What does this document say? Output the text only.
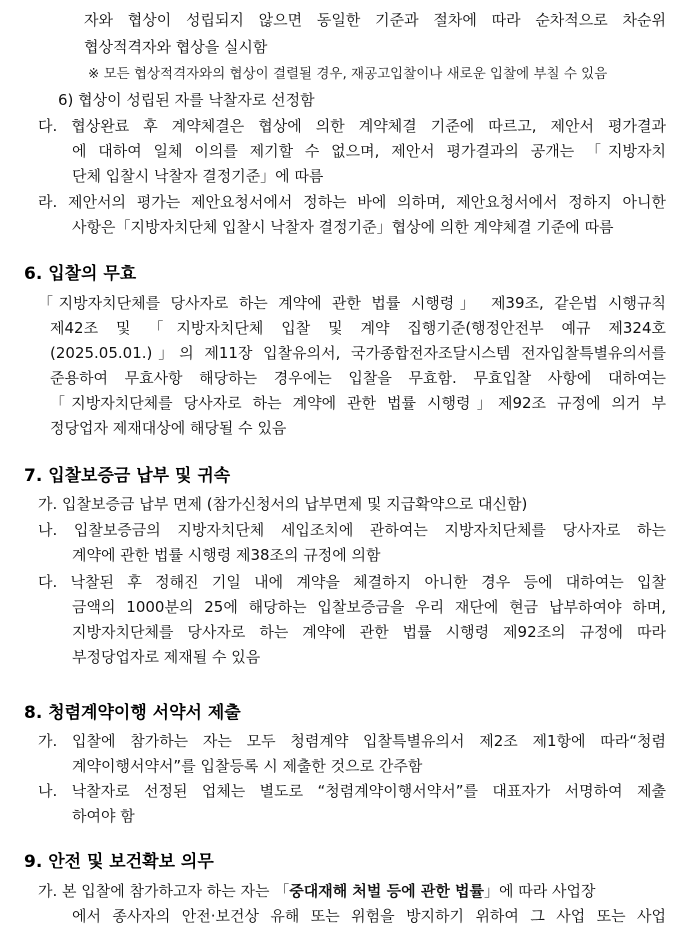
자와 협상이 성립되지 않으면 동일한 기준과 절차에 따라 순차적으로 차순위
협상적격자와 협상을 실시함
※ 모든 협상적격자와의 협상이 결렬될 경우, 재공고입찰이나 새로운 입찰에 부칠 수 있음
6) 협상이 성립된 자를 낙찰자로 선정함
다. 협상완료 후 계약체결은 협상에 의한 계약체결 기준에 따르고, 제안서 평가결과
에 대하여 일체 이의를 제기할 수 없으며, 제안서 평가결과의 공개는 「지방자치
단체 입찰시 낙찰자 결정기준」에 따름
라. 제안서의 평가는 제안요청서에서 정하는 바에 의하며, 제안요청서에서 정하지 아니한
사항은「지방자치단체 입찰시 낙찰자 결정기준」협상에 의한 계약체결 기준에 따름
6. 입찰의 무효
「지방자치단체를 당사자로 하는 계약에 관한 법률 시행령」 제39조, 같은법 시행규칙
제42조 및 「지방자치단체 입찰 및 계약 집행기준(행정안전부 예규 제324호
(2025.05.01.)」의 제11장 입찰유의서, 국가종합전자조달시스템 전자입찰특별유의서를
준용하여 무효사항 해당하는 경우에는 입찰을 무효함. 무효입찰 사항에 대하여는
「지방자치단체를 당사자로 하는 계약에 관한 법률 시행령」제92조 규정에 의거 부
정당업자 제재대상에 해당될 수 있음
7. 입찰보증금 납부 및 귀속
가. 입찰보증금 납부 면제 (참가신청서의 납부면제 및 지급확약으로 대신함)
나. 입찰보증금의 지방자치단체 세입조치에 관하여는 지방자치단체를 당사자로 하는
계약에 관한 법률 시행령 제38조의 규정에 의함
다. 낙찰된 후 정해진 기일 내에 계약을 체결하지 아니한 경우 등에 대하여는 입찰
금액의 1000분의 25에 해당하는 입찰보증금을 우리 재단에 현금 납부하여야 하며,
지방자치단체를 당사자로 하는 계약에 관한 법률 시행령 제92조의 규정에 따라
부정당업자로 제재될 수 있음
8. 청렴계약이행 서약서 제출
가. 입찰에 참가하는 자는 모두 청렴계약 입찰특별유의서 제2조 제1항에 따라“청렴
계약이행서약서”를 입찰등록 시 제출한 것으로 간주함
나. 낙찰자로 선정된 업체는 별도로 “청렴계약이행서약서”를 대표자가 서명하여 제출
하여야 함
9. 안전 및 보건확보 의무
가. 본 입찰에 참가하고자 하는 자는 「중대재해 처벌 등에 관한 법률」에 따라 사업장
에서 종사자의 안전·보건상 유해 또는 위험을 방지하기 위하여 그 사업 또는 사업
